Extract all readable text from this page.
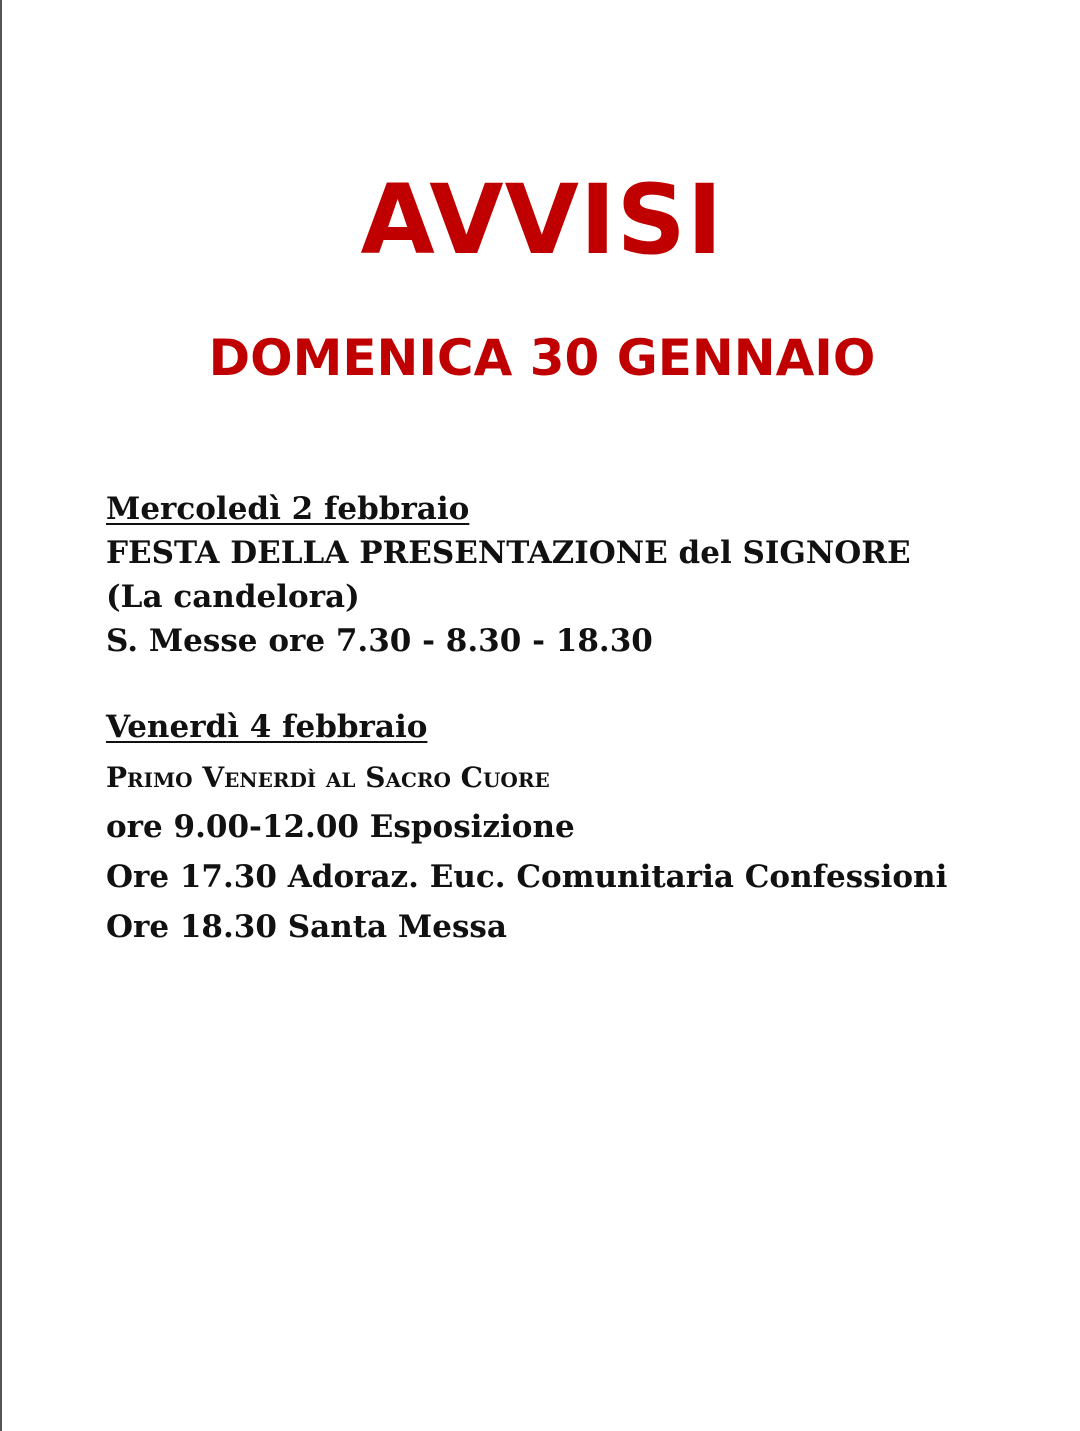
AVVISI
DOMENICA 30 GENNAIO
Mercoledì 2 febbraio
FESTA DELLA PRESENTAZIONE del SIGNORE
(La candelora)
S. Messe ore 7.30 - 8.30 - 18.30
Venerdì 4 febbraio
Primo Venerdì al Sacro Cuore
ore 9.00-12.00 Esposizione
Ore 17.30 Adoraz. Euc. Comunitaria Confessioni
Ore 18.30 Santa Messa
